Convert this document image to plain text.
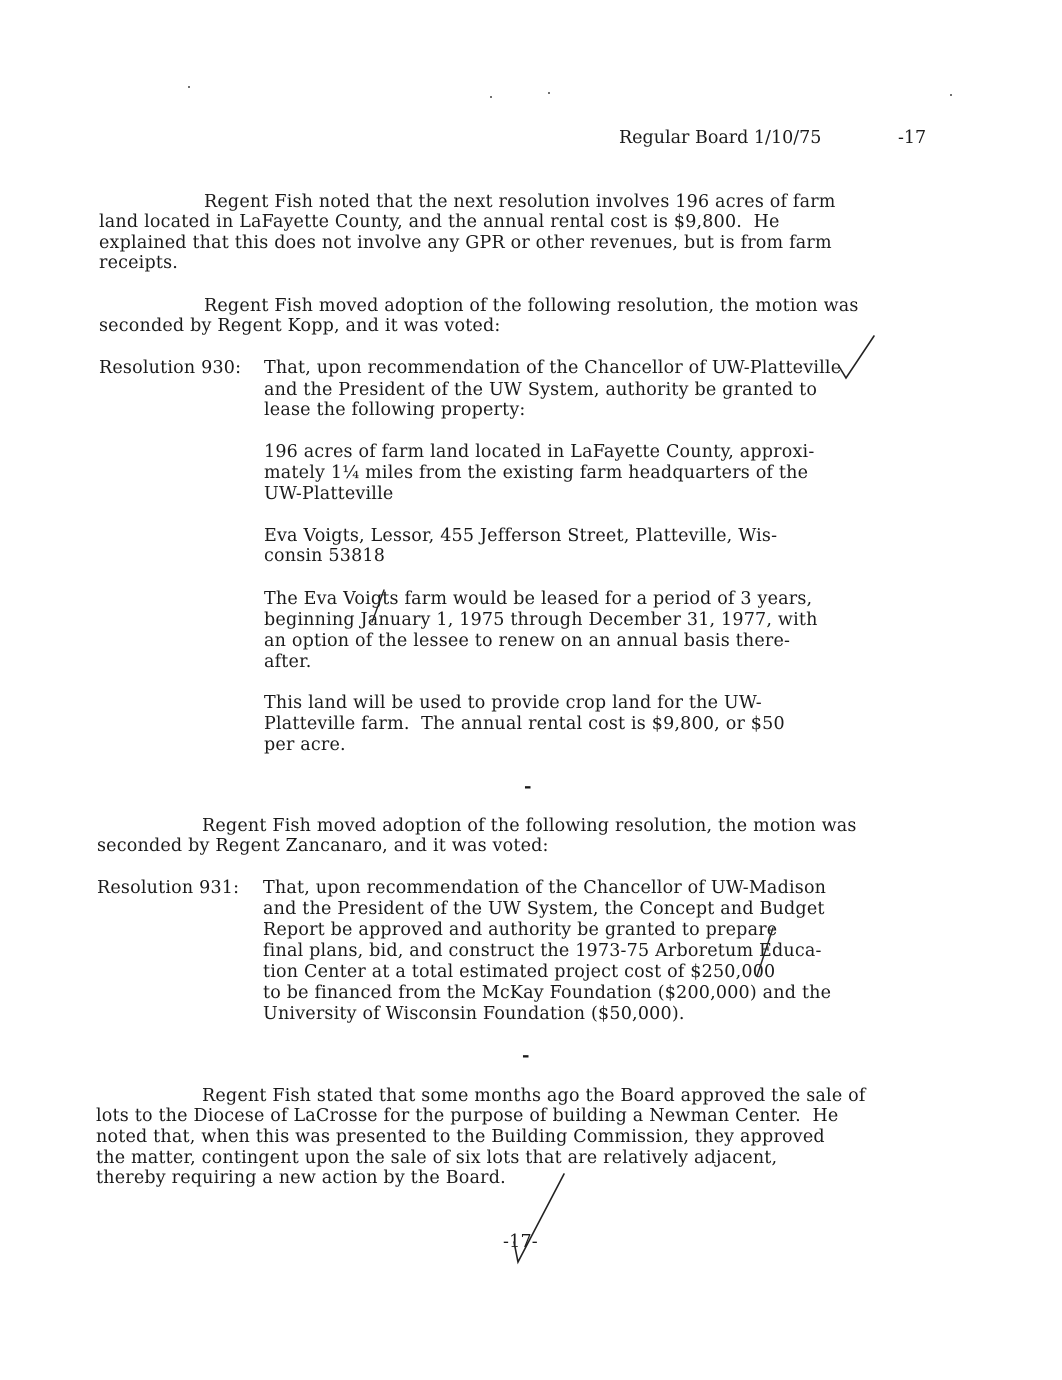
Regular Board 1/10/75	-17
Regent Fish noted that the next resolution involves 196 acres of farm
land located in LaFayette County, and the annual rental cost is $9,800.  He
explained that this does not involve any GPR or other revenues, but is from farm
receipts.
Regent Fish moved adoption of the following resolution, the motion was
seconded by Regent Kopp, and it was voted:
Resolution 930: That, upon recommendation of the Chancellor of UW-Platteville
and the President of the UW System, authority be granted to
lease the following property:
196 acres of farm land located in LaFayette County, approxi-
mately 1¼ miles from the existing farm headquarters of the
UW-Platteville
Eva Voigts, Lessor, 455 Jefferson Street, Platteville, Wis-
consin 53818
The Eva Voigts farm would be leased for a period of 3 years,
beginning January 1, 1975 through December 31, 1977, with
an option of the lessee to renew on an annual basis there-
after.
This land will be used to provide crop land for the UW-
Platteville farm.  The annual rental cost is $9,800, or $50
per acre.
-
Regent Fish moved adoption of the following resolution, the motion was
seconded by Regent Zancanaro, and it was voted:
Resolution 931: That, upon recommendation of the Chancellor of UW-Madison
and the President of the UW System, the Concept and Budget
Report be approved and authority be granted to prepare
final plans, bid, and construct the 1973-75 Arboretum Educa-
tion Center at a total estimated project cost of $250,000
to be financed from the McKay Foundation ($200,000) and the
University of Wisconsin Foundation ($50,000).
-
Regent Fish stated that some months ago the Board approved the sale of
lots to the Diocese of LaCrosse for the purpose of building a Newman Center.  He
noted that, when this was presented to the Building Commission, they approved
the matter, contingent upon the sale of six lots that are relatively adjacent,
thereby requiring a new action by the Board.
-17-
